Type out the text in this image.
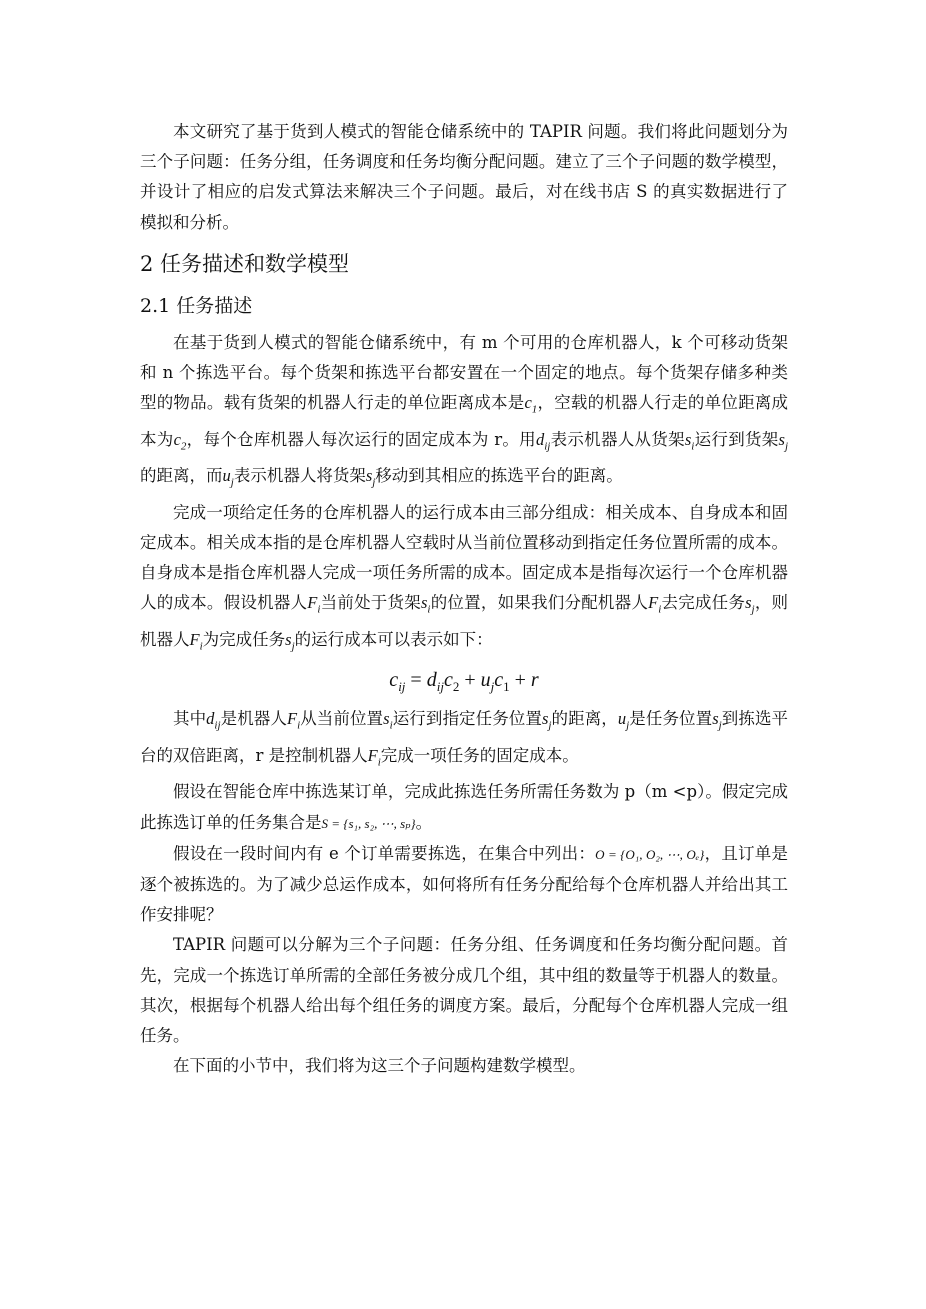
本文研究了基于货到人模式的智能仓储系统中的 TAPIR 问题。我们将此问题划分为三个子问题：任务分组，任务调度和任务均衡分配问题。建立了三个子问题的数学模型，并设计了相应的启发式算法来解决三个子问题。最后，对在线书店 S 的真实数据进行了模拟和分析。

2 任务描述和数学模型
2.1 任务描述

在基于货到人模式的智能仓储系统中，有 m 个可用的仓库机器人，k 个可移动货架和 n 个拣选平台。每个货架和拣选平台都安置在一个固定的地点。每个货架存储多种类型的物品。载有货架的机器人行走的单位距离成本是$c_1$，空载的机器人行走的单位距离成本为$c_2$，每个仓库机器人每次运行的固定成本为 r。用$d_{ij}$表示机器人从货架$s_i$运行到货架$s_j$的距离，而$u_j$表示机器人将货架$s_j$移动到其相应的拣选平台的距离。

完成一项给定任务的仓库机器人的运行成本由三部分组成：相关成本、自身成本和固定成本。相关成本指的是仓库机器人空载时从当前位置移动到指定任务位置所需的成本。自身成本是指仓库机器人完成一项任务所需的成本。固定成本是指每次运行一个仓库机器人的成本。假设机器人$F_i$当前处于货架$s_i$的位置，如果我们分配机器人$F_i$去完成任务$s_j$，则机器人$F_i$为完成任务$s_j$的运行成本可以表示如下：

$c_{ij} = d_{ij}c_2 + u_jc_1 + r$

其中$d_{ij}$是机器人$F_i$从当前位置$s_i$运行到指定任务位置$s_j$的距离，$u_j$是任务位置$s_j$到拣选平台的双倍距离，r 是控制机器人$F_i$完成一项任务的固定成本。

假设在智能仓库中拣选某订单，完成此拣选任务所需任务数为 p（m <p）。假定完成此拣选订单的任务集合是S = {s₁, s₂, ⋯, sₚ}。

假设在一段时间内有 e 个订单需要拣选，在集合中列出：O = {O₁, O₂, ⋯, Oₑ}，且订单是逐个被拣选的。为了减少总运作成本，如何将所有任务分配给每个仓库机器人并给出其工作安排呢？

TAPIR 问题可以分解为三个子问题：任务分组、任务调度和任务均衡分配问题。首先，完成一个拣选订单所需的全部任务被分成几个组，其中组的数量等于机器人的数量。其次，根据每个机器人给出每个组任务的调度方案。最后，分配每个仓库机器人完成一组任务。

在下面的小节中，我们将为这三个子问题构建数学模型。
